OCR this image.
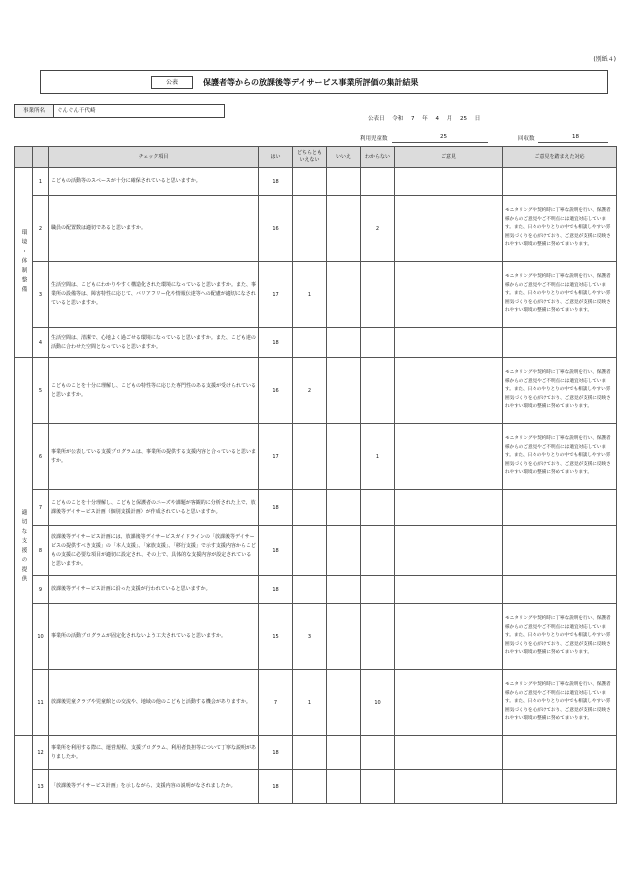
(別紙４)
公表	保護者等からの放課後等デイサービス事業所評価の集計結果
事業所名	ぐんぐん千代崎
公表日 令和 7 年 4 月 25 日
利用児童数	25	回収数	18
		チェック項目	はい	どちらともいえない	いいえ	わからない	ご意見	ご意見を踏まえた対応
環境・体制整備	1	こどもの活動等のスペースが十分に確保されていると思いますか。	18					
	2	職員の配置数は適切であると思いますか。	16			2		モニタリングや契約時に丁寧な説明を行い、保護者様からのご意見やご不明点には適宜対応しています。また、日々のやりとりの中でも相談しやすい雰囲気づくりを心がけており、ご意見が支援に反映されやすい環境の整備に努めてまいります。
	3	生活空間は、こどもにわかりやすく構造化された環境になっていると思いますか。また、事業所の設備等は、障害特性に応じて、バリアフリー化や情報伝達等への配慮が適切になされていると思いますか。	17	1				モニタリングや契約時に丁寧な説明を行い、保護者様からのご意見やご不明点には適宜対応しています。また、日々のやりとりの中でも相談しやすい雰囲気づくりを心がけており、ご意見が支援に反映されやすい環境の整備に努めてまいります。
	4	生活空間は、清潔で、心地よく過ごせる環境になっていると思いますか。また、こども達の活動に合わせた空間となっていると思いますか。	18					
適切な支援の提供	5	こどものことを十分に理解し、こどもの特性等に応じた専門性のある支援が受けられていると思いますか。	16	2				モニタリングや契約時に丁寧な説明を行い、保護者様からのご意見やご不明点には適宜対応しています。また、日々のやりとりの中でも相談しやすい雰囲気づくりを心がけており、ご意見が支援に反映されやすい環境の整備に努めてまいります。
	6	事業所が公表している支援プログラムは、事業所の提供する支援内容と合っていると思いますか。	17			1		モニタリングや契約時に丁寧な説明を行い、保護者様からのご意見やご不明点には適宜対応しています。また、日々のやりとりの中でも相談しやすい雰囲気づくりを心がけており、ご意見が支援に反映されやすい環境の整備に努めてまいります。
	7	こどものことを十分理解し、こどもと保護者のニーズや課題が客観的に分析された上で、放課後等デイサービス計画（個別支援計画）が作成されていると思いますか。	18					
	8	放課後等デイサービス計画には、放課後等デイサービスガイドラインの「放課後等デイサービスの提供すべき支援」の「本人支援」、「家族支援」、「移行支援」で示す支援内容からこどもの支援に必要な項目が適切に設定され、その上で、具体的な支援内容が設定されていると思いますか。	18					
	9	放課後等デイサービス計画に沿った支援が行われていると思いますか。	18					
	10	事業所の活動プログラムが固定化されないよう工夫されていると思いますか。	15	3				モニタリングや契約時に丁寧な説明を行い、保護者様からのご意見やご不明点には適宜対応しています。また、日々のやりとりの中でも相談しやすい雰囲気づくりを心がけており、ご意見が支援に反映されやすい環境の整備に努めてまいります。
	11	放課後児童クラブや児童館との交流や、地域の他のこどもと活動する機会がありますか。	7	1		10		モニタリングや契約時に丁寧な説明を行い、保護者様からのご意見やご不明点には適宜対応しています。また、日々のやりとりの中でも相談しやすい雰囲気づくりを心がけており、ご意見が支援に反映されやすい環境の整備に努めてまいります。
	12	事業所を利用する際に、運営規程、支援プログラム、利用者負担等について丁寧な説明がありましたか。	18					
	13	「放課後等デイサービス計画」を示しながら、支援内容の説明がなされましたか。	18					
